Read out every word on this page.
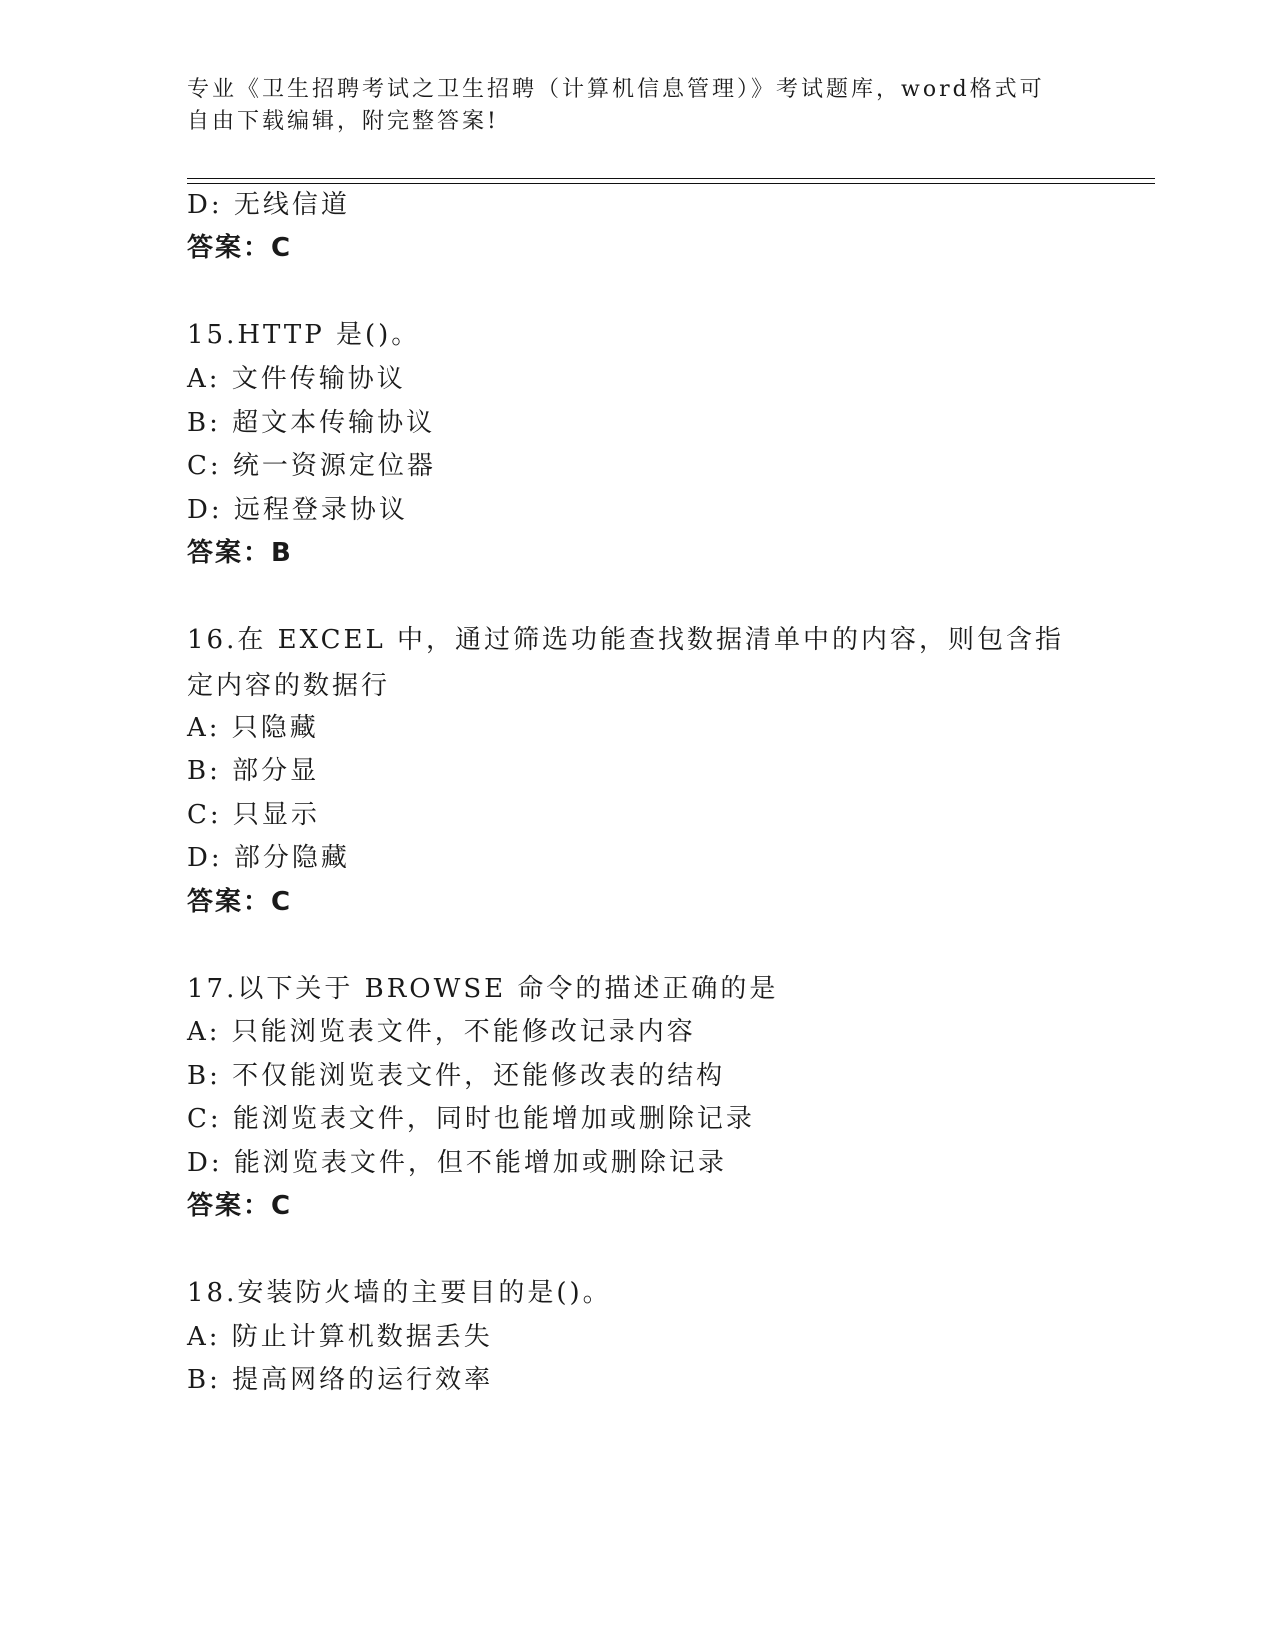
专业《卫生招聘考试之卫生招聘（计算机信息管理）》考试题库，word格式可自由下载编辑，附完整答案!
D: 无线信道
答案：C
15.HTTP 是()。
A: 文件传输协议
B: 超文本传输协议
C: 统一资源定位器
D: 远程登录协议
答案：B
16.在 EXCEL 中，通过筛选功能查找数据清单中的内容，则包含指定内容的数据行
A: 只隐藏
B: 部分显
C: 只显示
D: 部分隐藏
答案：C
17.以下关于 BROWSE 命令的描述正确的是
A: 只能浏览表文件，不能修改记录内容
B: 不仅能浏览表文件，还能修改表的结构
C: 能浏览表文件，同时也能增加或删除记录
D: 能浏览表文件，但不能增加或删除记录
答案：C
18.安装防火墙的主要目的是()。
A: 防止计算机数据丢失
B: 提高网络的运行效率
